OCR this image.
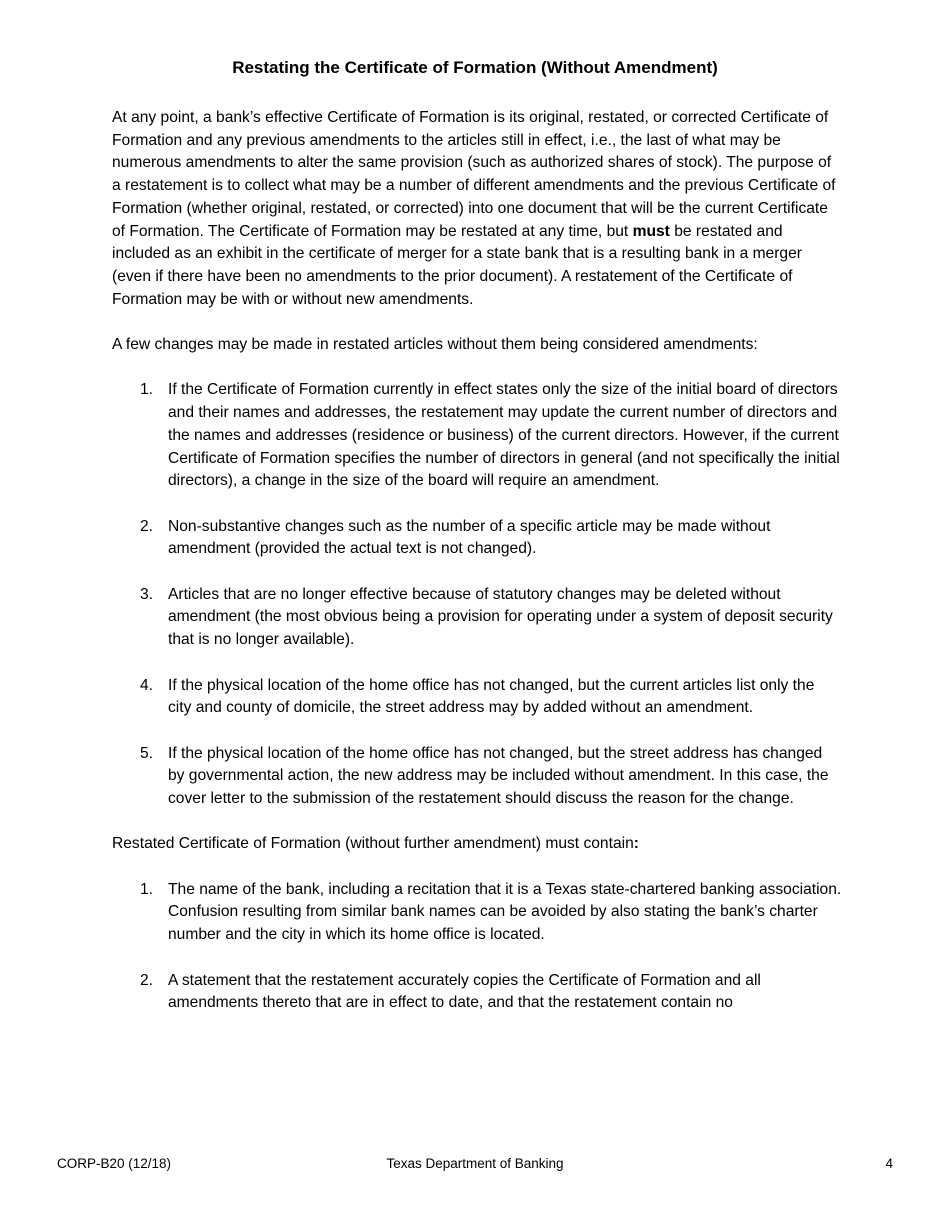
Restating the Certificate of Formation (Without Amendment)

At any point, a bank’s effective Certificate of Formation is its original, restated, or corrected Certificate of Formation and any previous amendments to the articles still in effect, i.e., the last of what may be numerous amendments to alter the same provision (such as authorized shares of stock). The purpose of a restatement is to collect what may be a number of different amendments and the previous Certificate of Formation (whether original, restated, or corrected) into one document that will be the current Certificate of Formation. The Certificate of Formation may be restated at any time, but must be restated and included as an exhibit in the certificate of merger for a state bank that is a resulting bank in a merger (even if there have been no amendments to the prior document). A restatement of the Certificate of Formation may be with or without new amendments.

A few changes may be made in restated articles without them being considered amendments:

1. If the Certificate of Formation currently in effect states only the size of the initial board of directors and their names and addresses, the restatement may update the current number of directors and the names and addresses (residence or business) of the current directors. However, if the current Certificate of Formation specifies the number of directors in general (and not specifically the initial directors), a change in the size of the board will require an amendment.
2. Non-substantive changes such as the number of a specific article may be made without amendment (provided the actual text is not changed).
3. Articles that are no longer effective because of statutory changes may be deleted without amendment (the most obvious being a provision for operating under a system of deposit security that is no longer available).
4. If the physical location of the home office has not changed, but the current articles list only the city and county of domicile, the street address may by added without an amendment.
5. If the physical location of the home office has not changed, but the street address has changed by governmental action, the new address may be included without amendment. In this case, the cover letter to the submission of the restatement should discuss the reason for the change.

Restated Certificate of Formation (without further amendment) must contain:

1. The name of the bank, including a recitation that it is a Texas state-chartered banking association. Confusion resulting from similar bank names can be avoided by also stating the bank’s charter number and the city in which its home office is located.
2. A statement that the restatement accurately copies the Certificate of Formation and all amendments thereto that are in effect to date, and that the restatement contain no
CORP-B20 (12/18)	Texas Department of Banking	4
